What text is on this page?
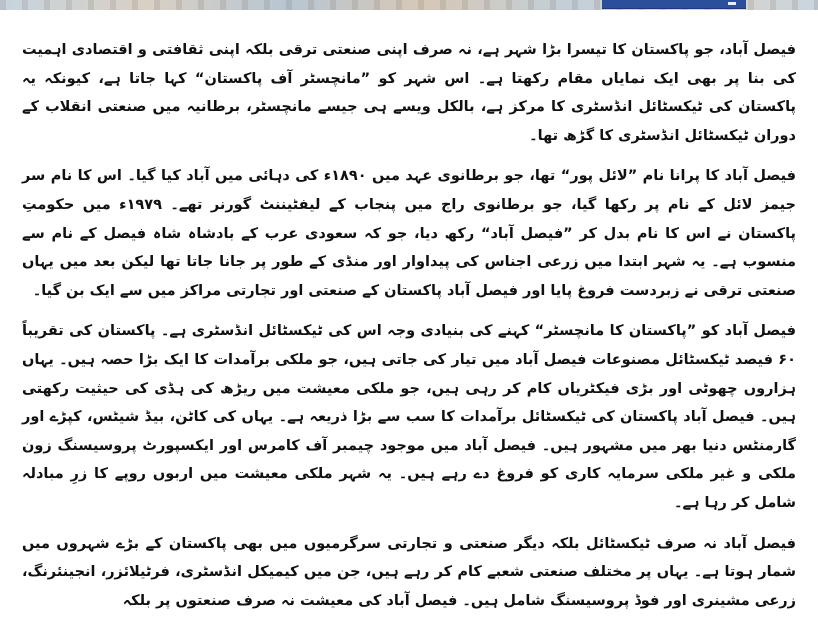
فیصل آباد، جو پاکستان کا تیسرا بڑا شہر ہے، نہ صرف اپنی صنعتی ترقی بلکہ اپنی ثقافتی و اقتصادی اہمیت کی بنا پر بھی ایک نمایاں مقام رکھتا ہے۔ اس شہر کو ”مانچسٹر آف پاکستان“ کہا جاتا ہے، کیونکہ یہ پاکستان کی ٹیکسٹائل انڈسٹری کا مرکز ہے، بالکل ویسے ہی جیسے مانچسٹر، برطانیہ میں صنعتی انقلاب کے دوران ٹیکسٹائل انڈسٹری کا گڑھ تھا۔

فیصل آباد کا پرانا نام ”لائل پور“ تھا، جو برطانوی عہد میں ۱۸۹۰ء کی دہائی میں آباد کیا گیا۔ اس کا نام سر جیمز لائل کے نام پر رکھا گیا، جو برطانوی راج میں پنجاب کے لیفٹیننٹ گورنر تھے۔ ۱۹۷۹ء میں حکومتِ پاکستان نے اس کا نام بدل کر ”فیصل آباد“ رکھ دیا، جو کہ سعودی عرب کے بادشاہ شاہ فیصل کے نام سے منسوب ہے۔ یہ شہر ابتدا میں زرعی اجناس کی پیداوار اور منڈی کے طور پر جانا جاتا تھا لیکن بعد میں یہاں صنعتی ترقی نے زبردست فروغ پایا اور فیصل آباد پاکستان کے صنعتی اور تجارتی مراکز میں سے ایک بن گیا۔

فیصل آباد کو ”پاکستان کا مانچسٹر“ کہنے کی بنیادی وجہ اس کی ٹیکسٹائل انڈسٹری ہے۔ پاکستان کی تقریباً ۶۰ فیصد ٹیکسٹائل مصنوعات فیصل آباد میں تیار کی جاتی ہیں، جو ملکی برآمدات کا ایک بڑا حصہ ہیں۔ یہاں ہزاروں چھوٹی اور بڑی فیکٹریاں کام کر رہی ہیں، جو ملکی معیشت میں ریڑھ کی ہڈی کی حیثیت رکھتی ہیں۔ فیصل آباد پاکستان کی ٹیکسٹائل برآمدات کا سب سے بڑا ذریعہ ہے۔ یہاں کی کاٹن، بیڈ شیٹس، کپڑے اور گارمنٹس دنیا بھر میں مشہور ہیں۔ فیصل آباد میں موجود چیمبر آف کامرس اور ایکسپورٹ پروسیسنگ زون ملکی و غیر ملکی سرمایہ کاری کو فروغ دے رہے ہیں۔ یہ شہر ملکی معیشت میں اربوں روپے کا زرِ مبادلہ شامل کر رہا ہے۔

فیصل آباد نہ صرف ٹیکسٹائل بلکہ دیگر صنعتی و تجارتی سرگرمیوں میں بھی پاکستان کے بڑے شہروں میں شمار ہوتا ہے۔ یہاں پر مختلف صنعتی شعبے کام کر رہے ہیں، جن میں کیمیکل انڈسٹری، فرٹیلائزر، انجینئرنگ، زرعی مشینری اور فوڈ پروسیسنگ شامل ہیں۔ فیصل آباد کی معیشت نہ صرف صنعتوں پر بلکہ
